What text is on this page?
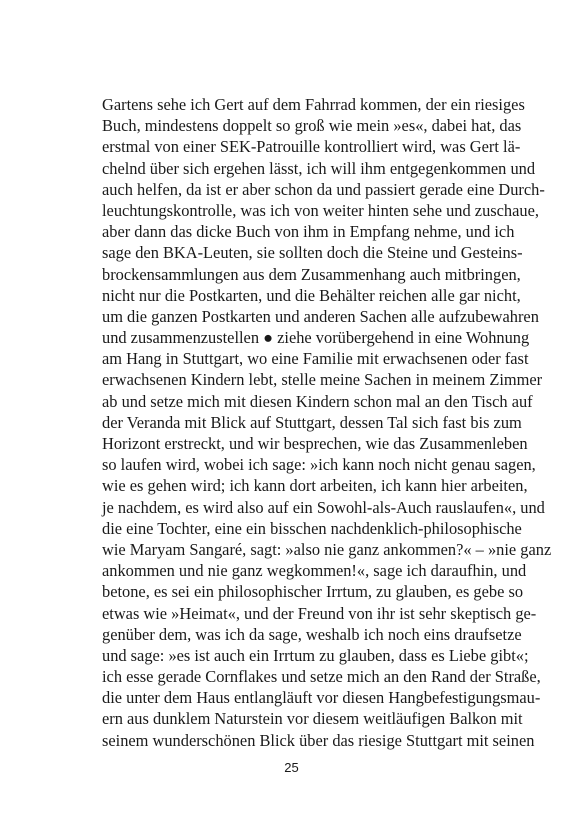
Gartens sehe ich Gert auf dem Fahrrad kommen, der ein riesiges
Buch, mindestens doppelt so groß wie mein »es«, dabei hat, das
erstmal von einer SEK-Patrouille kontrolliert wird, was Gert lä-
chelnd über sich ergehen lässt, ich will ihm entgegenkommen und
auch helfen, da ist er aber schon da und passiert gerade eine Durch-
leuchtungskontrolle, was ich von weiter hinten sehe und zuschaue,
aber dann das dicke Buch von ihm in Empfang nehme, und ich
sage den BKA-Leuten, sie sollten doch die Steine und Gesteins-
brockensammlungen aus dem Zusammenhang auch mitbringen,
nicht nur die Postkarten, und die Behälter reichen alle gar nicht,
um die ganzen Postkarten und anderen Sachen alle aufzubewahren
und zusammenzustellen ● ziehe vorübergehend in eine Wohnung
am Hang in Stuttgart, wo eine Familie mit erwachsenen oder fast
erwachsenen Kindern lebt, stelle meine Sachen in meinem Zimmer
ab und setze mich mit diesen Kindern schon mal an den Tisch auf
der Veranda mit Blick auf Stuttgart, dessen Tal sich fast bis zum
Horizont erstreckt, und wir besprechen, wie das Zusammenleben
so laufen wird, wobei ich sage: »ich kann noch nicht genau sagen,
wie es gehen wird; ich kann dort arbeiten, ich kann hier arbeiten,
je nachdem, es wird also auf ein Sowohl-als-Auch rauslaufen«, und
die eine Tochter, eine ein bisschen nachdenklich-philosophische
wie Maryam Sangaré, sagt: »also nie ganz ankommen?« – »nie ganz
ankommen und nie ganz wegkommen!«, sage ich daraufhin, und
betone, es sei ein philosophischer Irrtum, zu glauben, es gebe so
etwas wie »Heimat«, und der Freund von ihr ist sehr skeptisch ge-
genüber dem, was ich da sage, weshalb ich noch eins draufsetze
und sage: »es ist auch ein Irrtum zu glauben, dass es Liebe gibt«;
ich esse gerade Cornflakes und setze mich an den Rand der Straße,
die unter dem Haus entlangläuft vor diesen Hangbefestigungsmau-
ern aus dunklem Naturstein vor diesem weitläufigen Balkon mit
seinem wunderschönen Blick über das riesige Stuttgart mit seinen
25
